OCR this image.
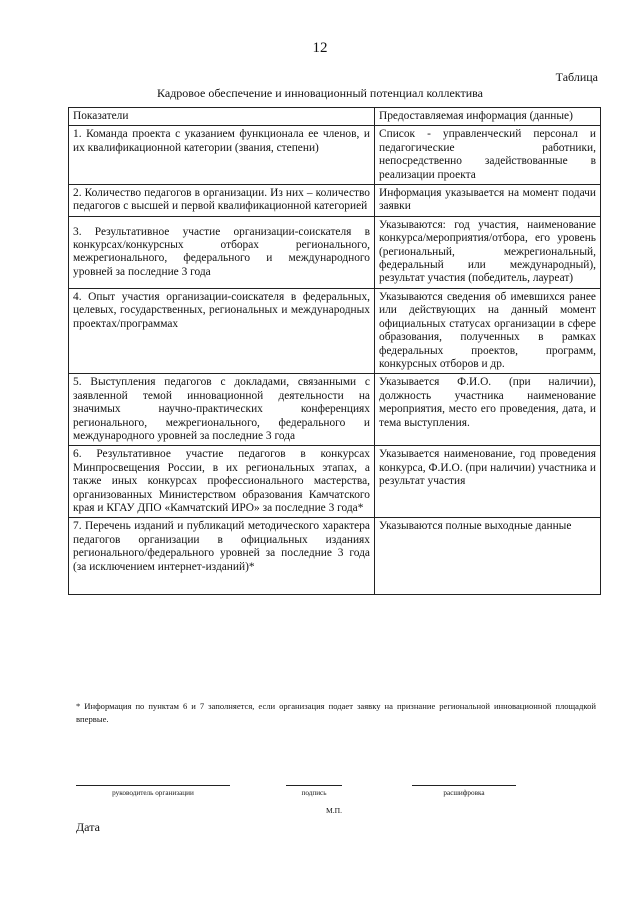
12
Таблица
Кадровое обеспечение и инновационный потенциал коллектива
Показатели	Предоставляемая информация (данные)
1. Команда проекта с указанием функционала ее членов, и их квалификационной категории (звания, степени)	Список - управленческий персонал и педагогические работники, непосредственно задействованные в реализации проекта
2. Количество педагогов в организации. Из них – количество педагогов с высшей и первой квалификационной категорией	Информация указывается на момент подачи заявки
3. Результативное участие организации-соискателя в конкурсах/конкурсных отборах регионального, межрегионального, федерального и международного уровней за последние 3 года	Указываются: год участия, наименование конкурса/мероприятия/отбора, его уровень (региональный, межрегиональный, федеральный или международный), результат участия (победитель, лауреат)
4. Опыт участия организации-соискателя в федеральных, целевых, государственных, региональных и международных проектах/программах	Указываются сведения об имевшихся ранее или действующих на данный момент официальных статусах организации в сфере образования, полученных в рамках федеральных проектов, программ, конкурсных отборов и др.
5. Выступления педагогов с докладами, связанными с заявленной темой инновационной деятельности на значимых научно-практических конференциях регионального, межрегионального, федерального и международного уровней за последние 3 года	Указывается Ф.И.О. (при наличии), должность участника наименование мероприятия, место его проведения, дата, и тема выступления.
6. Результативное участие педагогов в конкурсах Минпросвещения России, в их региональных этапах, а также иных конкурсах профессионального мастерства, организованных Министерством образования Камчатского края и КГАУ ДПО «Камчатский ИРО» за последние 3 года*	Указывается наименование, год проведения конкурса, Ф.И.О. (при наличии) участника и результат участия
7. Перечень изданий и публикаций методического характера педагогов организации в официальных изданиях регионального/федерального уровней за последние 3 года (за исключением интернет-изданий)*	Указываются полные выходные данные
* Информация по пунктам 6 и 7 заполняется, если организация подает заявку на признание региональной инновационной площадкой впервые.
руководитель организации	подпись	расшифровка
М.П.
Дата
